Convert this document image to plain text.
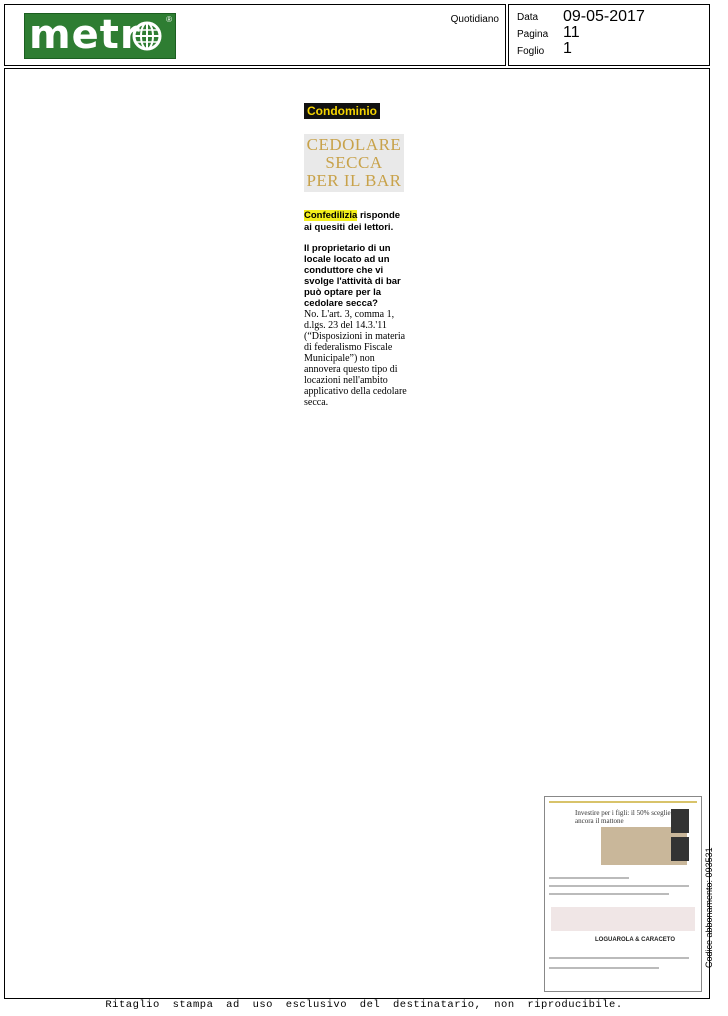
metr	®	Quotidiano Data 09-05-2017
Pagina 11
Foglio 1
Condominio
CEDOLARE
SECCA
PER IL BAR
Confedilizia risponde ai quesiti dei lettori.
Il proprietario di un locale locato ad un conduttore che vi svolge l'attività di bar può optare per la cedolare secca?
No. L'art. 3, comma 1, d.lgs. 23 del 14.3.'11 (“Disposizioni in materia di federalismo Fiscale Municipale”) non annovera questo tipo di locazioni nell'ambito applicativo della cedolare secca.
Investire per i figli: il 50% sceglie ancora il mattone
LOGUAROLA & CARACETO	Codice abbonamento: 093531
Ritaglio stampa ad uso esclusivo del destinatario, non riproducibile.
